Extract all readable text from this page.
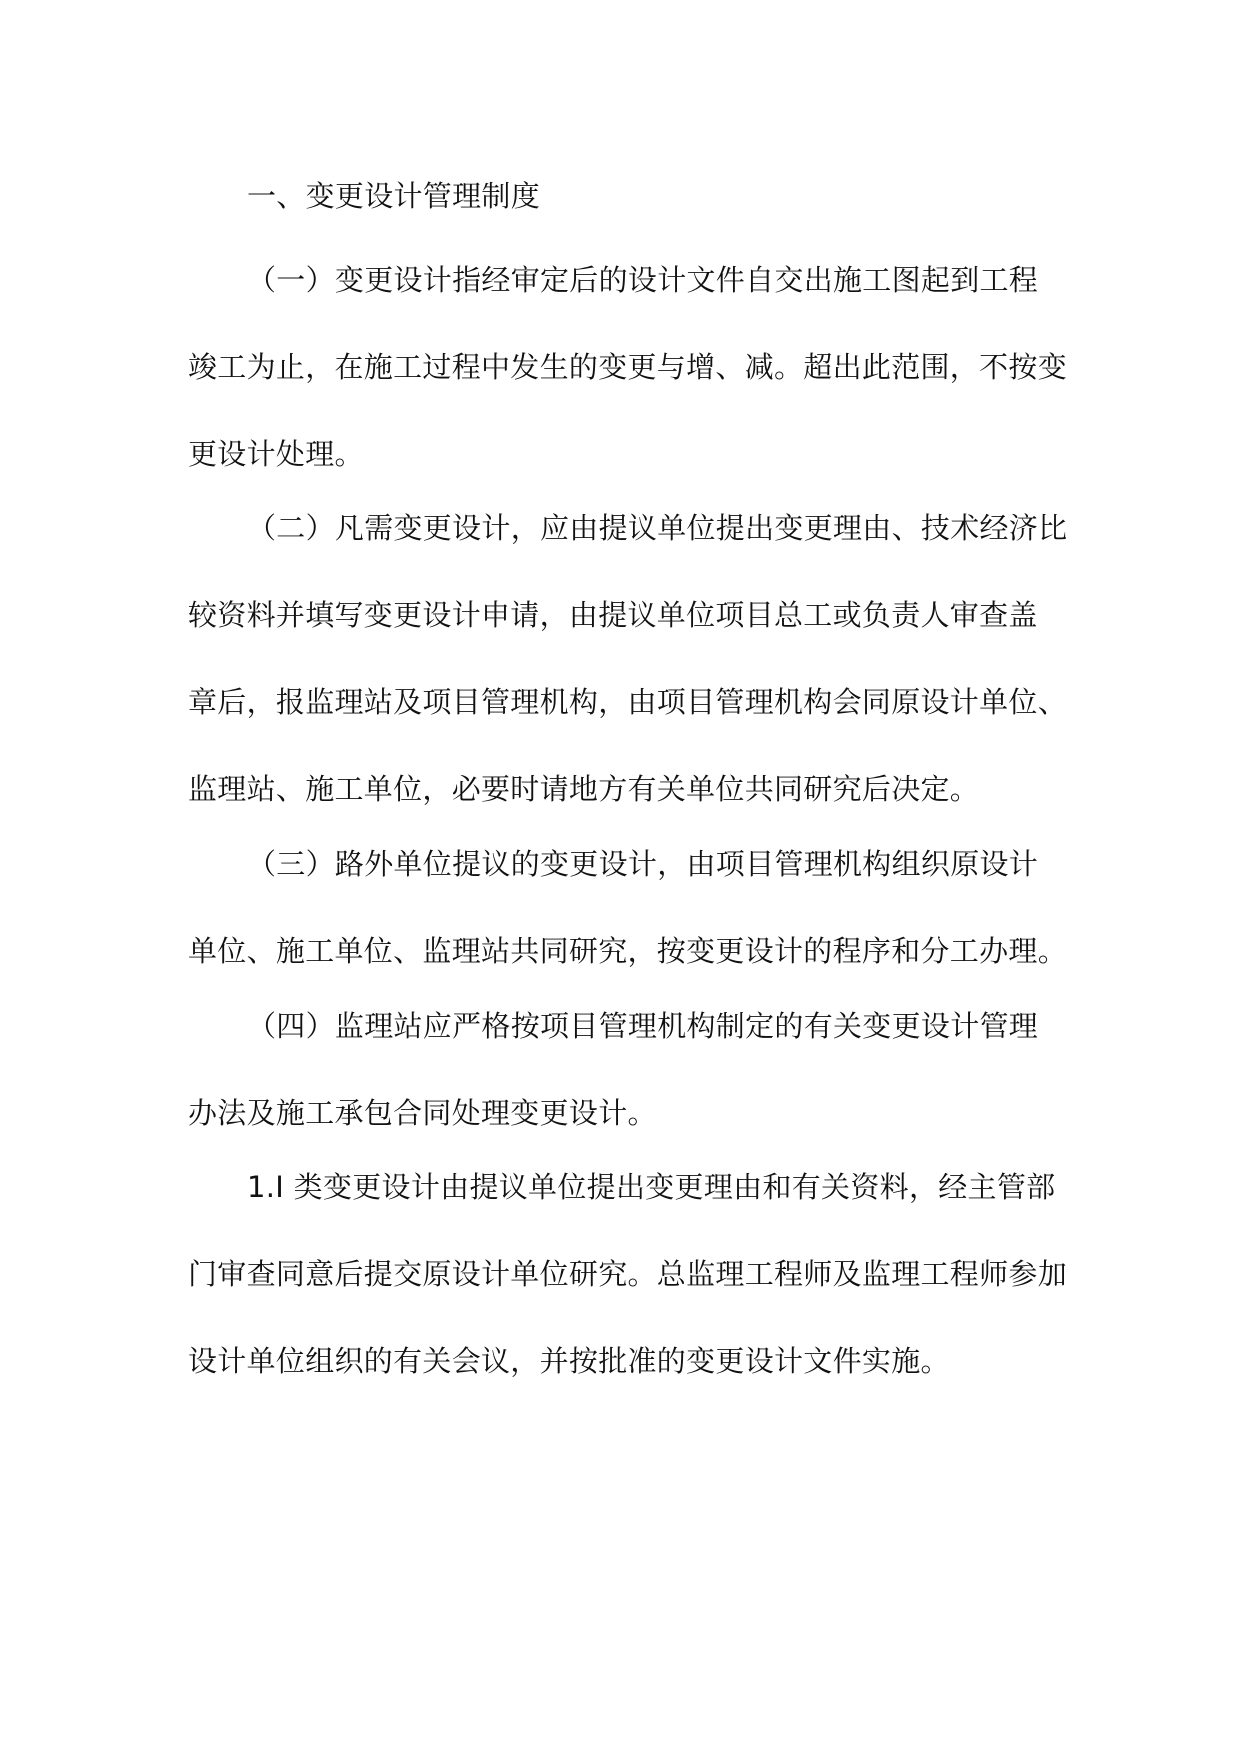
一、变更设计管理制度
（一）变更设计指经审定后的设计文件自交出施工图起到工程
竣工为止，在施工过程中发生的变更与增、减。超出此范围，不按变
更设计处理。
（二）凡需变更设计，应由提议单位提出变更理由、技术经济比
较资料并填写变更设计申请，由提议单位项目总工或负责人审查盖
章后，报监理站及项目管理机构，由项目管理机构会同原设计单位、
监理站、施工单位，必要时请地方有关单位共同研究后决定。
（三）路外单位提议的变更设计，由项目管理机构组织原设计
单位、施工单位、监理站共同研究，按变更设计的程序和分工办理。
（四）监理站应严格按项目管理机构制定的有关变更设计管理
办法及施工承包合同处理变更设计。
1.I 类变更设计由提议单位提出变更理由和有关资料，经主管部
门审查同意后提交原设计单位研究。总监理工程师及监理工程师参加
设计单位组织的有关会议，并按批准的变更设计文件实施。
